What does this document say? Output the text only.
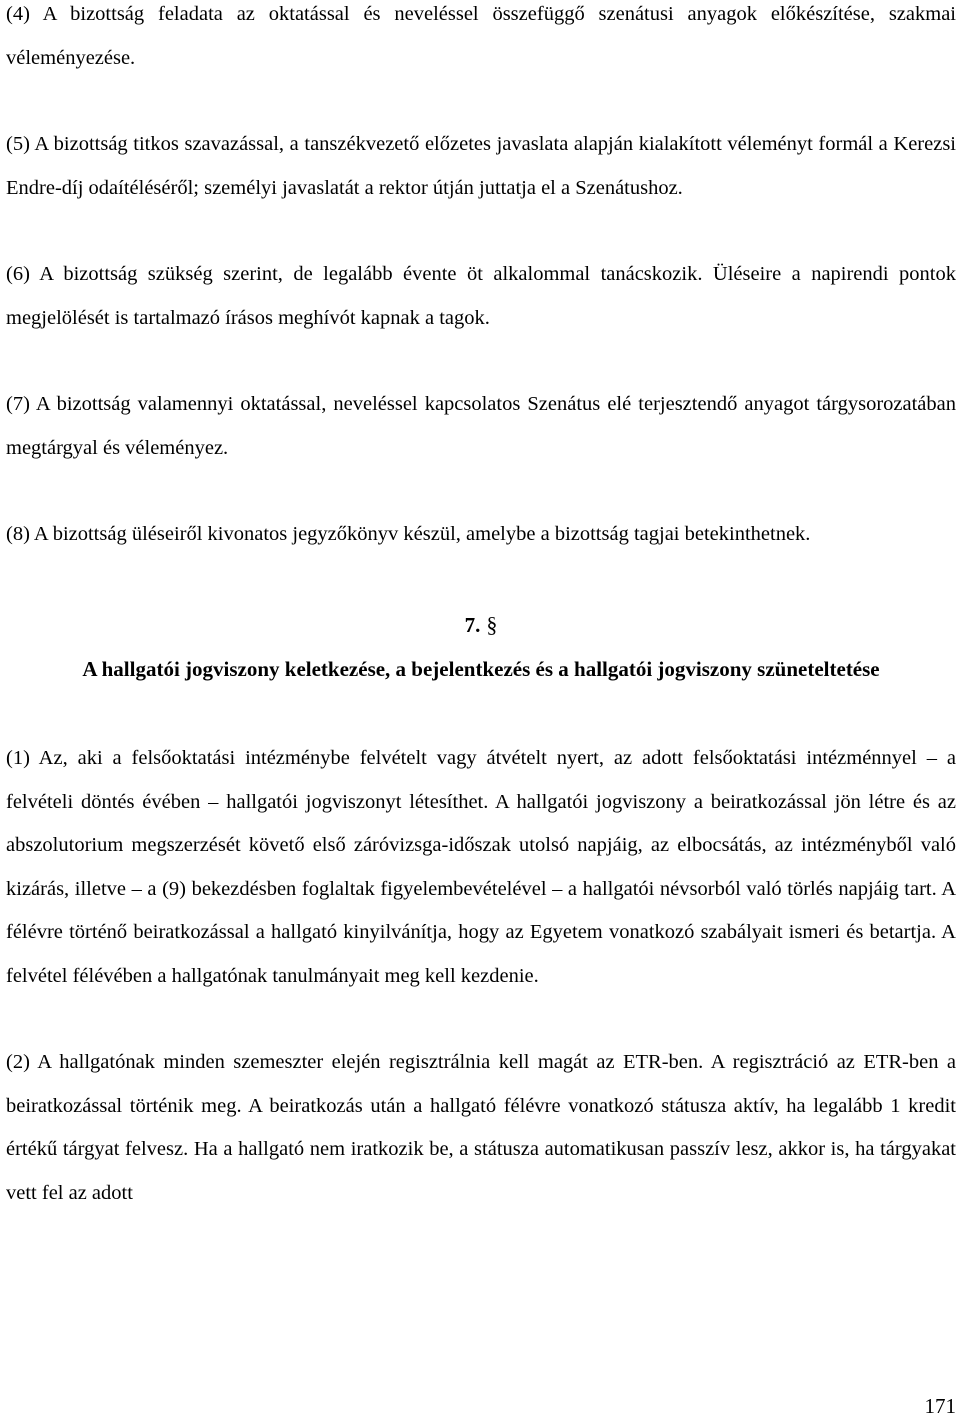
(4) A bizottság feladata az oktatással és neveléssel összefüggő szenátusi anyagok előkészítése, szakmai véleményezése.

(5) A bizottság titkos szavazással, a tanszékvezető előzetes javaslata alapján kialakított véleményt formál a Kerezsi Endre-díj odaítéléséről; személyi javaslatát a rektor útján juttatja el a Szenátushoz.

(6) A bizottság szükség szerint, de legalább évente öt alkalommal tanácskozik. Üléseire a napirendi pontok megjelölését is tartalmazó írásos meghívót kapnak a tagok.

(7) A bizottság valamennyi oktatással, neveléssel kapcsolatos Szenátus elé terjesztendő anyagot tárgysorozatában megtárgyal és véleményez.

(8) A bizottság üléseiről kivonatos jegyzőkönyv készül, amelybe a bizottság tagjai betekinthetnek.

7. §

A hallgatói jogviszony keletkezése, a bejelentkezés és a hallgatói jogviszony szüneteltetése

(1) Az, aki a felsőoktatási intézménybe felvételt vagy átvételt nyert, az adott felsőoktatási intézménnyel – a felvételi döntés évében – hallgatói jogviszonyt létesíthet. A hallgatói jogviszony a beiratkozással jön létre és az abszolutorium megszerzését követő első záróvizsga-időszak utolsó napjáig, az elbocsátás, az intézményből való kizárás, illetve – a (9) bekezdésben foglaltak figyelembevételével – a hallgatói névsorból való törlés napjáig tart. A félévre történő beiratkozással a hallgató kinyilvánítja, hogy az Egyetem vonatkozó szabályait ismeri és betartja. A felvétel félévében a hallgatónak tanulmányait meg kell kezdenie.

(2) A hallgatónak minden szemeszter elején regisztrálnia kell magát az ETR-ben. A regisztráció az ETR-ben a beiratkozással történik meg. A beiratkozás után a hallgató félévre vonatkozó státusza aktív, ha legalább 1 kredit értékű tárgyat felvesz. Ha a hallgató nem iratkozik be, a státusza automatikusan passzív lesz, akkor is, ha tárgyakat vett fel az adott

171
